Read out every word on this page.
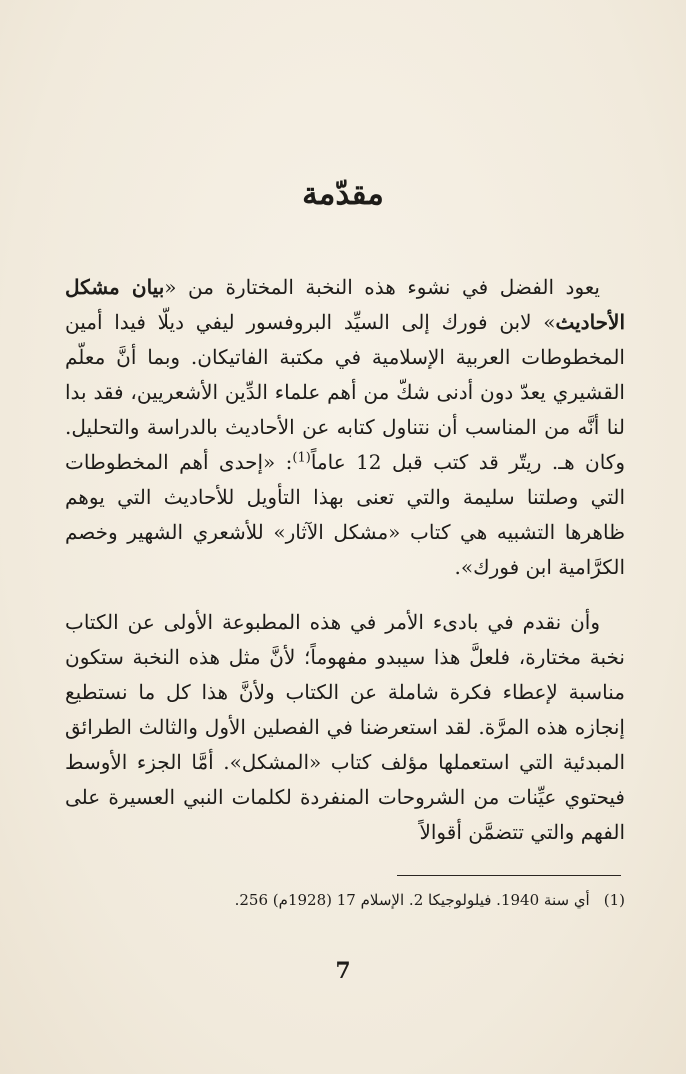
مقدّمة

يعود الفضل في نشوء هذه النخبة المختارة من «بيان مشكل الأحاديث» لابن فورك إلى السيِّد البروفسور ليفي ديلّا فيدا أمين المخطوطات العربية الإسلامية في مكتبة الفاتيكان. وبما أنَّ معلّم القشيري يعدّ دون أدنى شكّ من أهم علماء الدِّين الأشعريين، فقد بدا لنا أنَّه من المناسب أن نتناول كتابه عن الأحاديث بالدراسة والتحليل. وكان هـ. ريتّر قد كتب قبل 12 عاماً$^{(1)}$: «إحدى أهم المخطوطات التي وصلتنا سليمة والتي تعنى بهذا التأويل للأحاديث التي يوهم ظاهرها التشبيه هي كتاب «مشكل الآثار» للأشعري الشهير وخصم الكرَّامية ابن فورك».

وأن نقدم في بادىء الأمر في هذه المطبوعة الأولى عن الكتاب نخبة مختارة، فلعلَّ هذا سيبدو مفهوماً؛ لأنَّ مثل هذه النخبة ستكون مناسبة لإعطاء فكرة شاملة عن الكتاب ولأنَّ هذا كل ما نستطيع إنجازه هذه المرَّة. لقد استعرضنا في الفصلين الأول والثالث الطرائق المبدئية التي استعملها مؤلف كتاب «المشكل». أمَّا الجزء الأوسط فيحتوي عيِّنات من الشروحات المنفردة لكلمات النبي العسيرة على الفهم والتي تتضمَّن أقوالاً

(1)أي سنة 1940. فيلولوجيكا 2. الإسلام 17 (1928م) 256.

7
